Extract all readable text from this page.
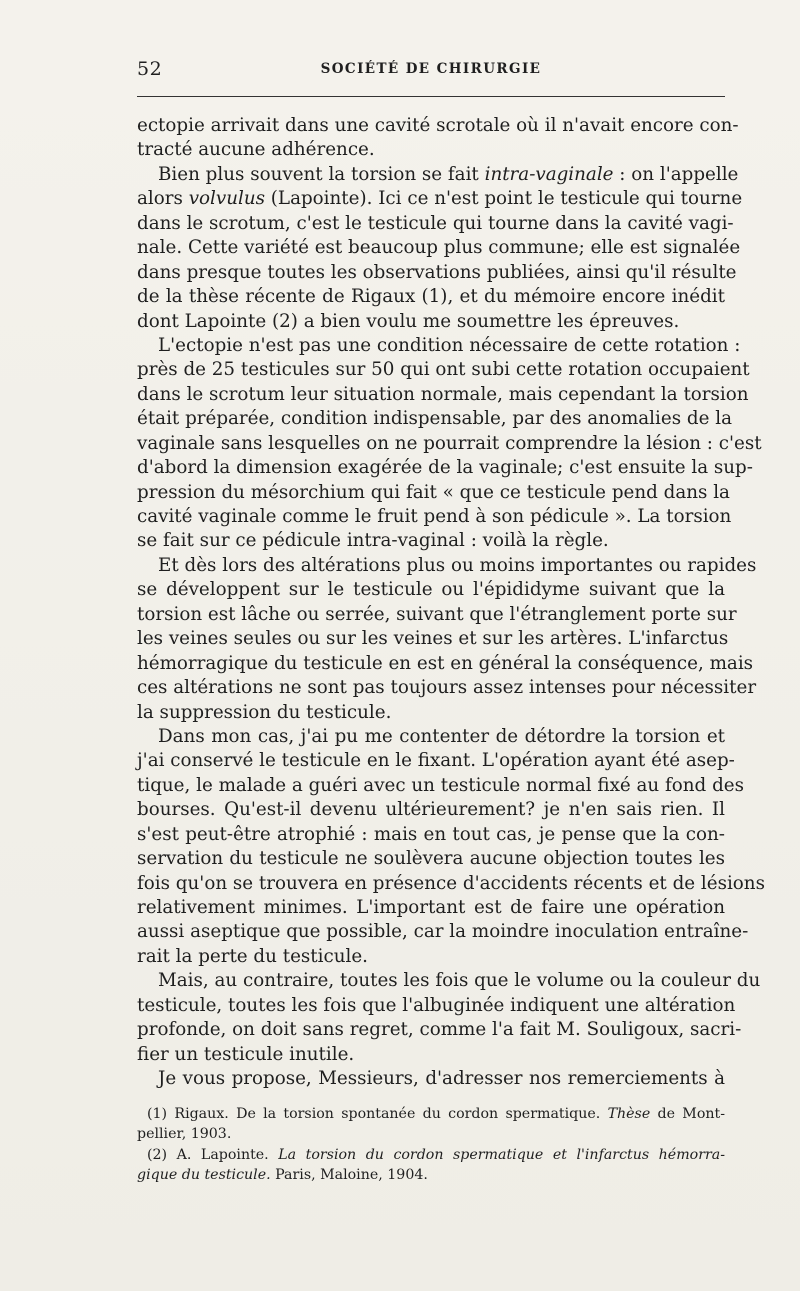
52	SOCIÉTÉ DE CHIRURGIE
ectopie arrivait dans une cavité scrotale où il n'avait encore con-
tracté aucune adhérence.
Bien plus souvent la torsion se fait intra-vaginale : on l'appelle
alors volvulus (Lapointe). Ici ce n'est point le testicule qui tourne
dans le scrotum, c'est le testicule qui tourne dans la cavité vagi-
nale. Cette variété est beaucoup plus commune; elle est signalée
dans presque toutes les observations publiées, ainsi qu'il résulte
de la thèse récente de Rigaux (1), et du mémoire encore inédit
dont Lapointe (2) a bien voulu me soumettre les épreuves.
L'ectopie n'est pas une condition nécessaire de cette rotation :
près de 25 testicules sur 50 qui ont subi cette rotation occupaient
dans le scrotum leur situation normale, mais cependant la torsion
était préparée, condition indispensable, par des anomalies de la
vaginale sans lesquelles on ne pourrait comprendre la lésion : c'est
d'abord la dimension exagérée de la vaginale; c'est ensuite la sup-
pression du mésorchium qui fait « que ce testicule pend dans la
cavité vaginale comme le fruit pend à son pédicule ». La torsion
se fait sur ce pédicule intra-vaginal : voilà la règle.
Et dès lors des altérations plus ou moins importantes ou rapides
se développent sur le testicule ou l'épididyme suivant que la
torsion est lâche ou serrée, suivant que l'étranglement porte sur
les veines seules ou sur les veines et sur les artères. L'infarctus
hémorragique du testicule en est en général la conséquence, mais
ces altérations ne sont pas toujours assez intenses pour nécessiter
la suppression du testicule.
Dans mon cas, j'ai pu me contenter de détordre la torsion et
j'ai conservé le testicule en le fixant. L'opération ayant été asep-
tique, le malade a guéri avec un testicule normal fixé au fond des
bourses. Qu'est-il devenu ultérieurement? je n'en sais rien. Il
s'est peut-être atrophié : mais en tout cas, je pense que la con-
servation du testicule ne soulèvera aucune objection toutes les
fois qu'on se trouvera en présence d'accidents récents et de lésions
relativement minimes. L'important est de faire une opération
aussi aseptique que possible, car la moindre inoculation entraîne-
rait la perte du testicule.
Mais, au contraire, toutes les fois que le volume ou la couleur du
testicule, toutes les fois que l'albuginée indiquent une altération
profonde, on doit sans regret, comme l'a fait M. Souligoux, sacri-
fier un testicule inutile.
Je vous propose, Messieurs, d'adresser nos remerciements à
(1) Rigaux. De la torsion spontanée du cordon spermatique. Thèse de Mont-
pellier, 1903.
(2) A. Lapointe. La torsion du cordon spermatique et l'infarctus hémorra-
gique du testicule. Paris, Maloine, 1904.
